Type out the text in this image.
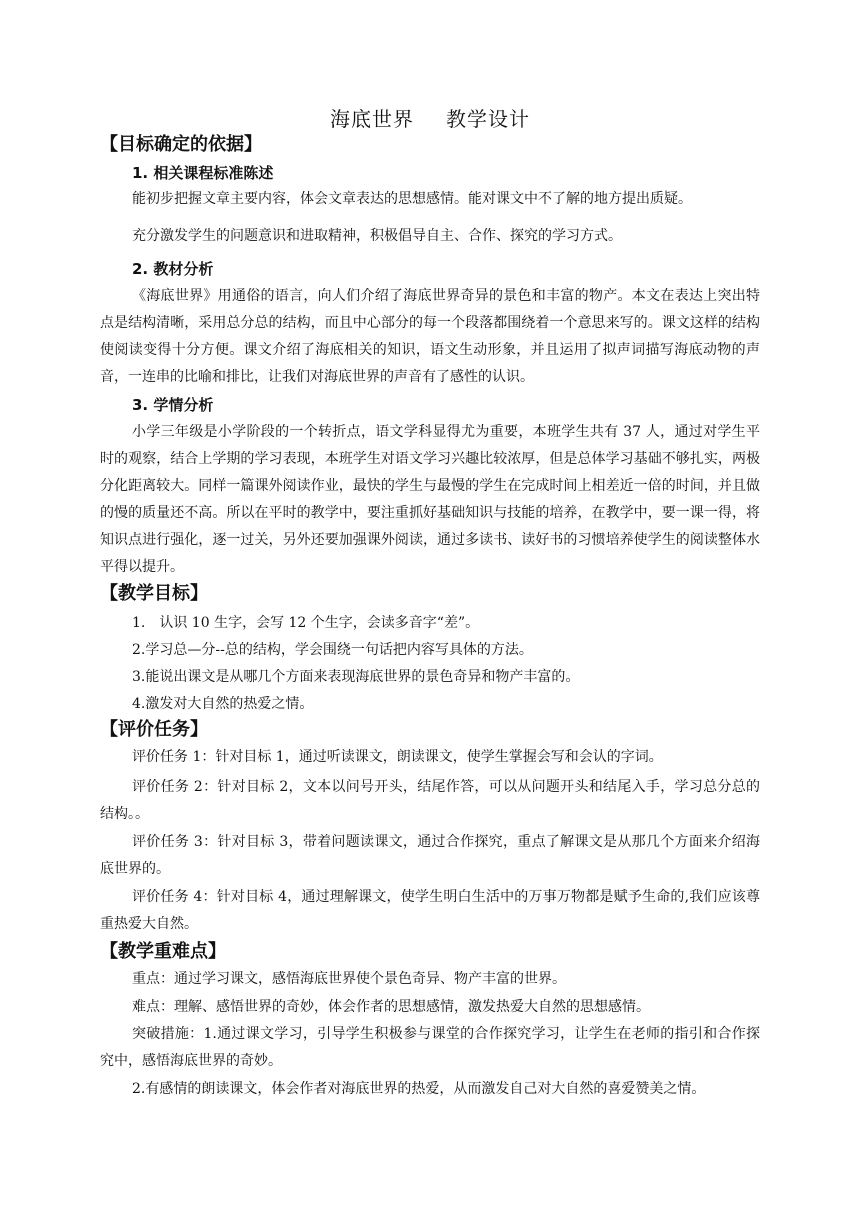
海底世界 教学设计
【目标确定的依据】
1. 相关课程标准陈述

能初步把握文章主要内容，体会文章表达的思想感情。能对课文中不了解的地方提出质疑。

充分激发学生的问题意识和进取精神，积极倡导自主、合作、探究的学习方式。

2. 教材分析

《海底世界》用通俗的语言，向人们介绍了海底世界奇异的景色和丰富的物产。本文在表达上突出特点是结构清晰，采用总分总的结构，而且中心部分的每一个段落都围绕着一个意思来写的。课文这样的结构使阅读变得十分方便。课文介绍了海底相关的知识，语文生动形象，并且运用了拟声词描写海底动物的声音，一连串的比喻和排比，让我们对海底世界的声音有了感性的认识。

3. 学情分析

小学三年级是小学阶段的一个转折点，语文学科显得尤为重要，本班学生共有 37 人，通过对学生平时的观察，结合上学期的学习表现，本班学生对语文学习兴趣比较浓厚，但是总体学习基础不够扎实，两极分化距离较大。同样一篇课外阅读作业，最快的学生与最慢的学生在完成时间上相差近一倍的时间，并且做的慢的质量还不高。所以在平时的教学中，要注重抓好基础知识与技能的培养，在教学中，要一课一得，将知识点进行强化，逐一过关，另外还要加强课外阅读，通过多读书、读好书的习惯培养使学生的阅读整体水平得以提升。

【教学目标】

1.　认识 10 生字，会写 12 个生字，会读多音字“差”。

2.学习总—分--总的结构，学会围绕一句话把内容写具体的方法。

3.能说出课文是从哪几个方面来表现海底世界的景色奇异和物产丰富的。

4.激发对大自然的热爱之情。

【评价任务】

评价任务 1：针对目标 1，通过听读课文，朗读课文，使学生掌握会写和会认的字词。

评价任务 2：针对目标 2，文本以问号开头，结尾作答，可以从问题开头和结尾入手，学习总分总的结构。。

评价任务 3：针对目标 3，带着问题读课文，通过合作探究，重点了解课文是从那几个方面来介绍海底世界的。

评价任务 4：针对目标 4，通过理解课文，使学生明白生活中的万事万物都是赋予生命的,我们应该尊重热爱大自然。

【教学重难点】

重点：通过学习课文，感悟海底世界使个景色奇异、物产丰富的世界。

难点：理解、感悟世界的奇妙，体会作者的思想感情，激发热爱大自然的思想感情。

突破措施：1.通过课文学习，引导学生积极参与课堂的合作探究学习，让学生在老师的指引和合作探究中，感悟海底世界的奇妙。

2.有感情的朗读课文，体会作者对海底世界的热爱，从而激发自己对大自然的喜爱赞美之情。
